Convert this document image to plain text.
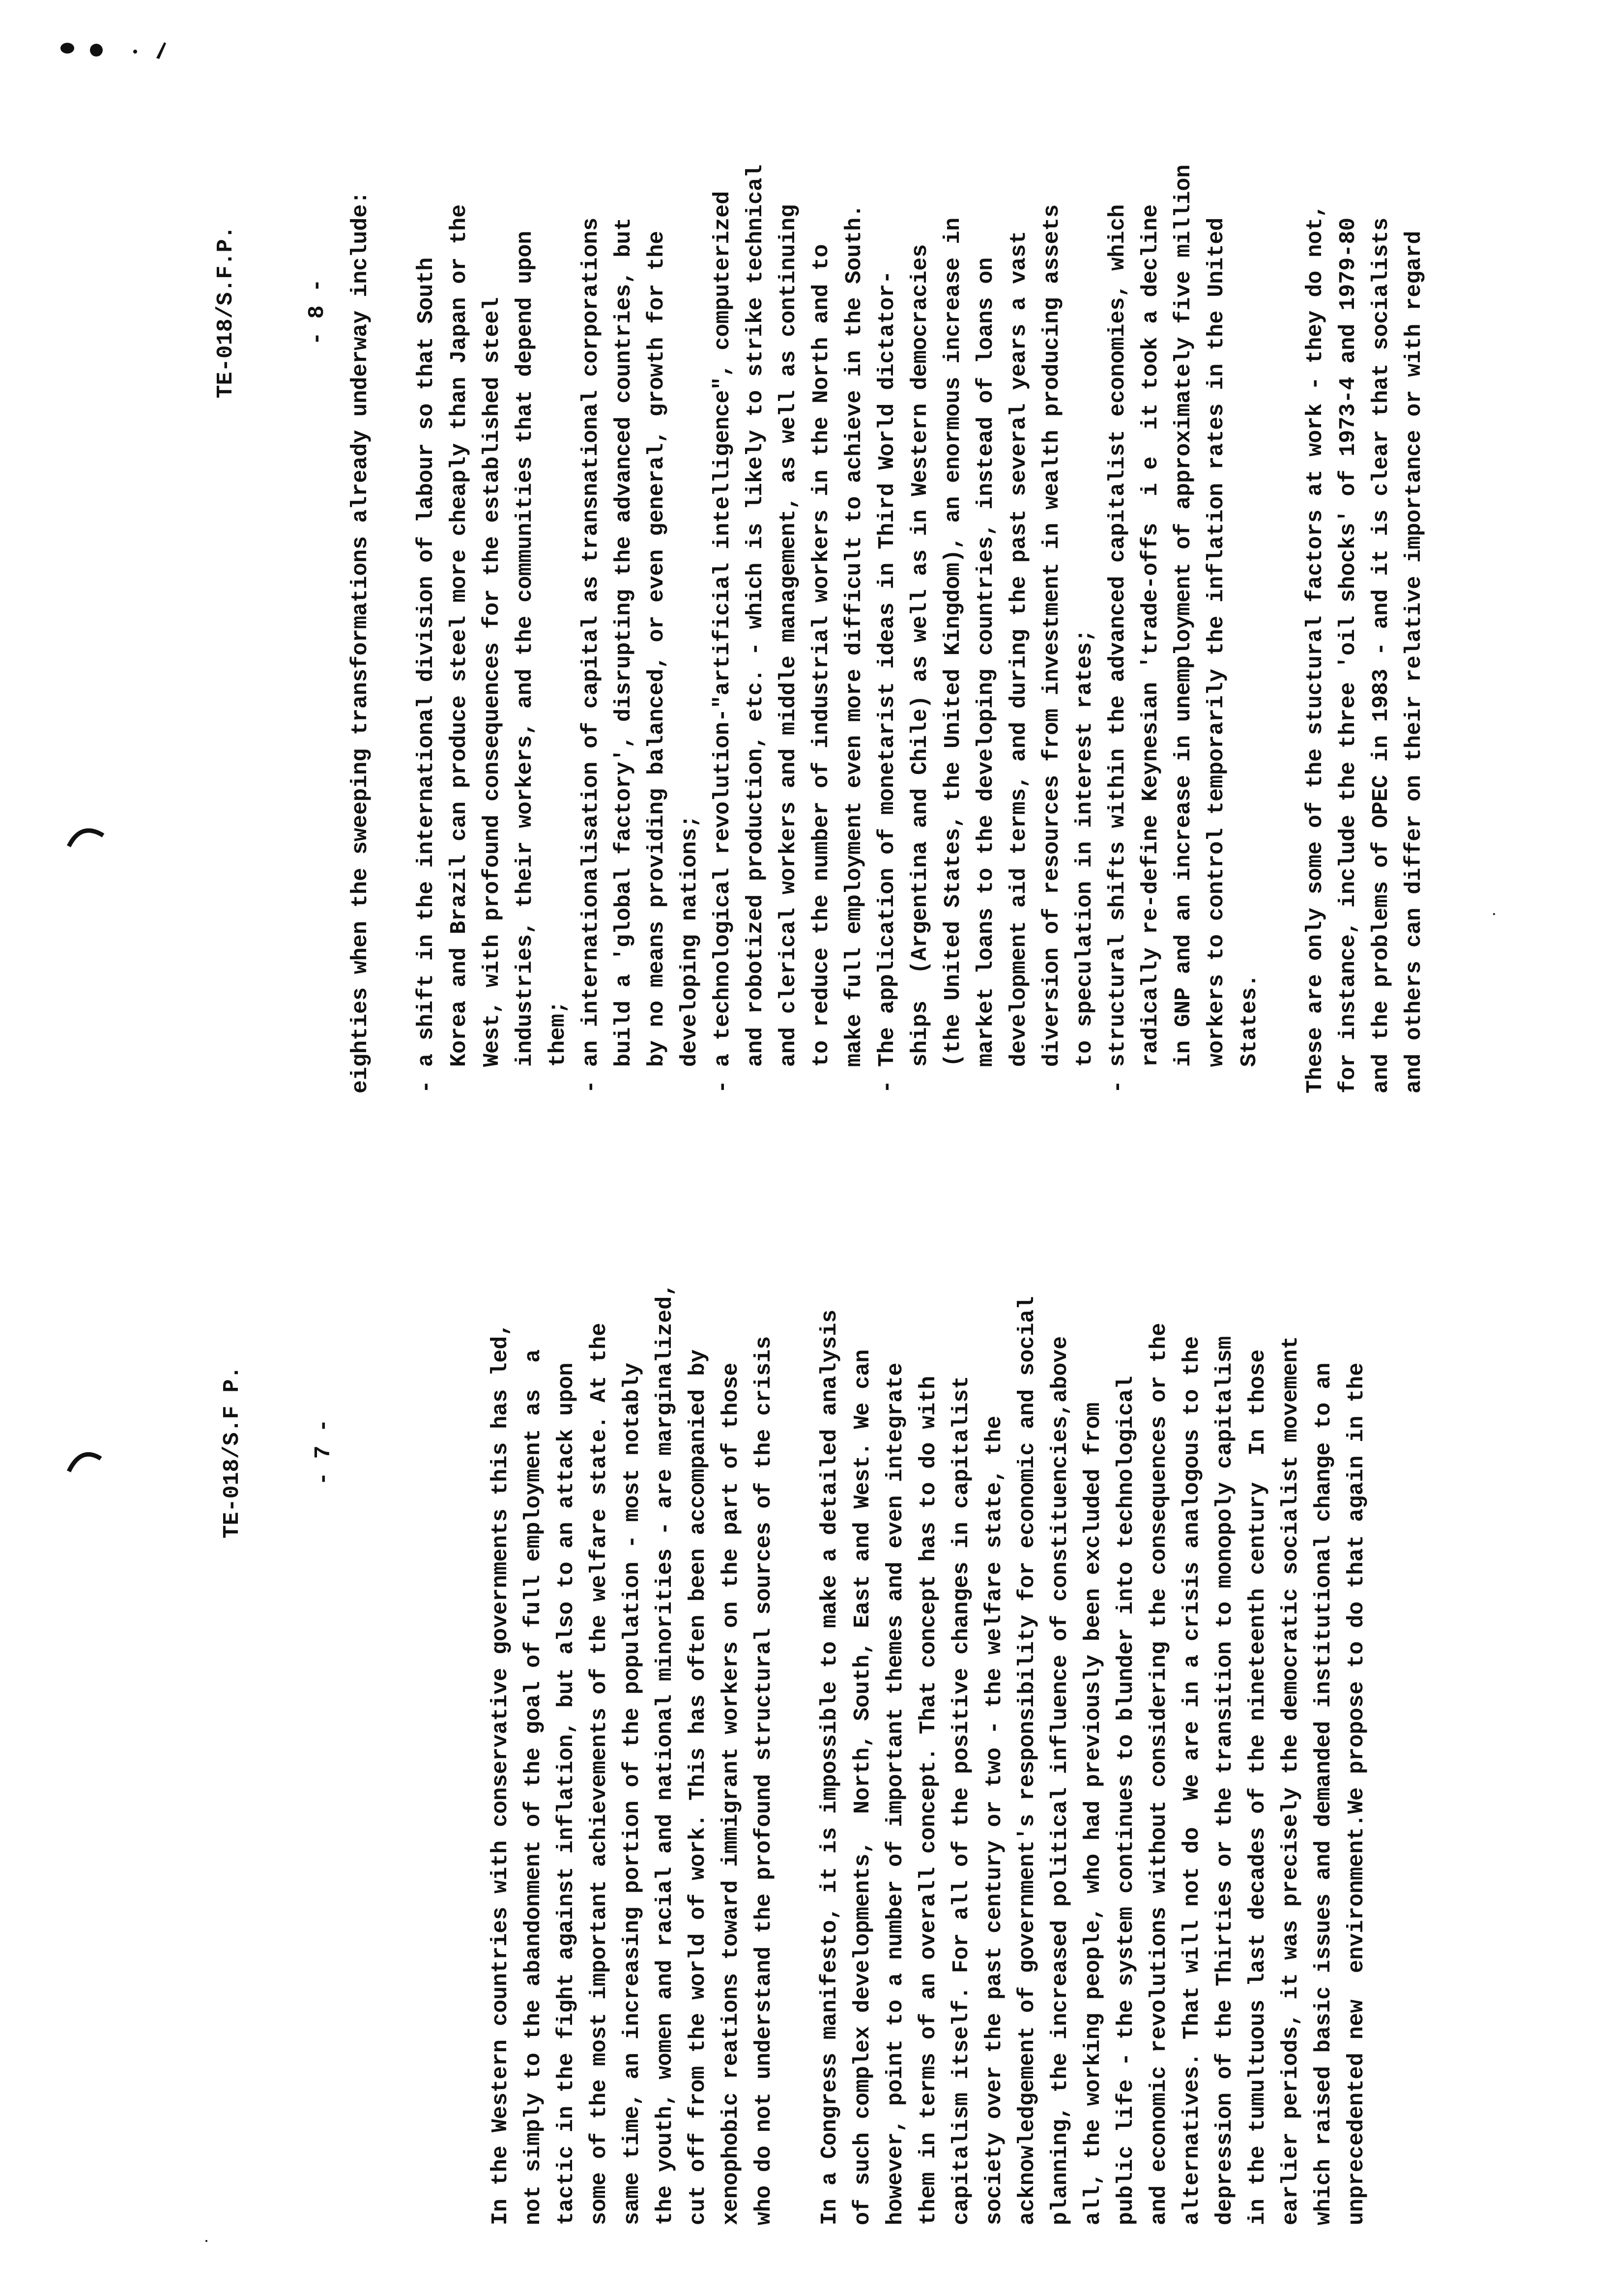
TE-018/S.F.P.

	- 8 - eighties when the sweeping transformations already underway include: - a shift in the international division of labour so that South Korea and Brazil can produce steel more cheaply than Japan or the West, with profound consequences for the established steel industries, their workers, and the communities that depend upon them; - an internationalisation of capital as transnational corporations build a 'global factory', disrupting the advanced countries, but by no means providing balanced, or even general, growth for the developing nations; - a technological revolution-"artificial intelligence", computerized and robotized production, etc. - which is likely to strike technical and clerical workers and middle management, as well as continuing to reduce the number of industrial workers in the North and to make full employment even more difficult to achieve in the South. - The application of monetarist ideas in Third World dictator- ships  (Argentina and Chile) as well as in Western democracies (the United States, the United Kingdom), an enormous increase in market loans to the developing countries, instead of loans on development aid terms, and during the past several years a vast diversion of resources from investment in wealth producing assets to speculation in interest rates; - structural shifts within the advanced capitalist economies, which radically re-define Keynesian 'trade-offs  i e  it took a decline in GNP and an increase in unemployment of approximately five million workers to control temporarily the inflation rates in the United States. These are only some of the stuctural factors at work - they do not, for instance, include the three 'oil shocks' of 1973-4 and 1979-80 and the problems of OPEC in 1983 - and it is clear that socialists and others can differ on their relative importance or with regard

TE-018/S.F P.

	- 7 -	In the Western countries with conservative governments this has led, not simply to the abandonment of the goal of full employment as  a tactic in the fight against inflation, but also to an attack upon some of the most important achievements of the welfare state. At the same time, an increasing portion of the population - most notably the youth, women and racial and national minorities - are marginalized, cut off from the world of work. This has often been accompanied by xenophobic reations toward immigrant workers on the part of those who do not understand the profound structural sources of the crisis In a Congress manifesto, it is impossible to make a detailed analysis of such complex developments,  North, South, East and West. We can however, point to a number of important themes and even integrate them in terms of an overall concept. That concept has to do with capitalism itself. For all of the positive changes in capitalist society over the past century or two - the welfare state, the acknowledgement of government's responsibility for economic and social planning, the increased political influence of constituencies,above all, the working people, who had previously been excluded from public life - the system continues to blunder into technological and economic revolutions without considering the consequences or the alternatives. That will not do  We are in a crisis analogous to the depression of the Thirties or the transition to monopoly capitalism in the tumultuous last decades of the nineteenth century  In those earlier periods, it was precisely the democratic socialist movement which raised basic issues and demanded institutional change to an unprecedented new  environment.We propose to do that again in the
